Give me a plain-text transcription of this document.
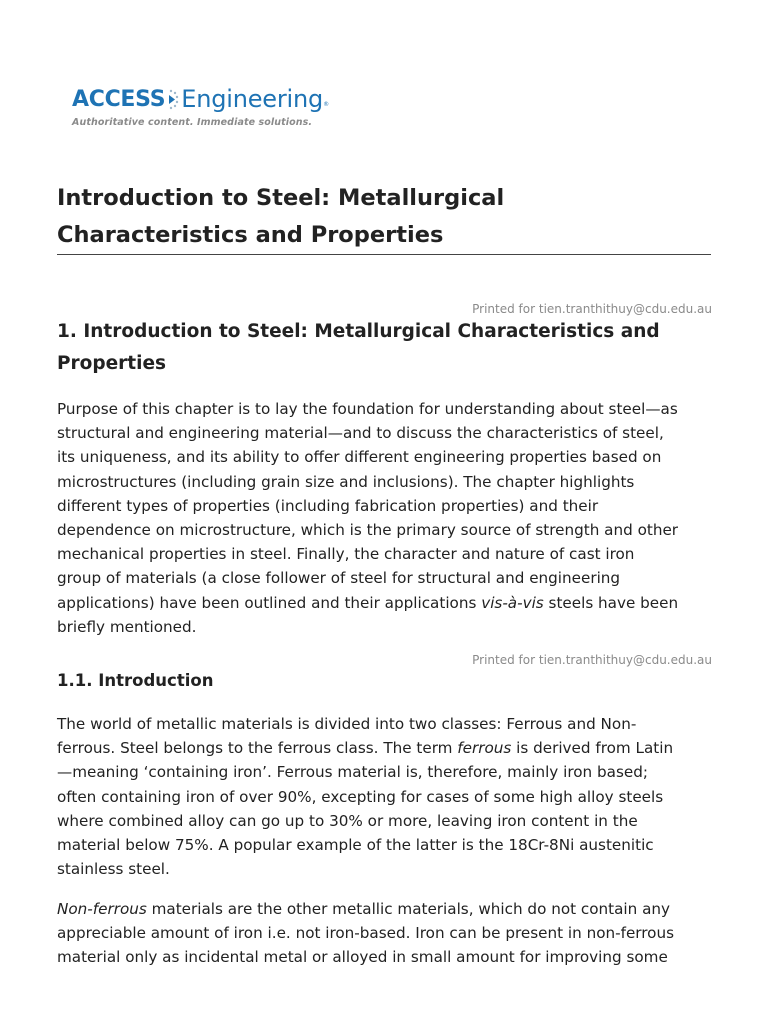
ACCESS Engineering ®
Authoritative content. Immediate solutions.
Introduction to Steel: Metallurgical
Characteristics and Properties
Printed for tien.tranthithuy@cdu.edu.au
1. Introduction to Steel: Metallurgical Characteristics and
Properties

Purpose of this chapter is to lay the foundation for understanding about steel—as
structural and engineering material—and to discuss the characteristics of steel,
its uniqueness, and its ability to offer different engineering properties based on
microstructures (including grain size and inclusions). The chapter highlights
different types of properties (including fabrication properties) and their
dependence on microstructure, which is the primary source of strength and other
mechanical properties in steel. Finally, the character and nature of cast iron
group of materials (a close follower of steel for structural and engineering
applications) have been outlined and their applications vis-à-vis steels have been
briefly mentioned.

Printed for tien.tranthithuy@cdu.edu.au
1.1. Introduction

The world of metallic materials is divided into two classes: Ferrous and Non-
ferrous. Steel belongs to the ferrous class. The term ferrous is derived from Latin
—meaning ‘containing iron’. Ferrous material is, therefore, mainly iron based;
often containing iron of over 90%, excepting for cases of some high alloy steels
where combined alloy can go up to 30% or more, leaving iron content in the
material below 75%. A popular example of the latter is the 18Cr-8Ni austenitic
stainless steel.

Non-ferrous materials are the other metallic materials, which do not contain any
appreciable amount of iron i.e. not iron-based. Iron can be present in non-ferrous
material only as incidental metal or alloyed in small amount for improving some
